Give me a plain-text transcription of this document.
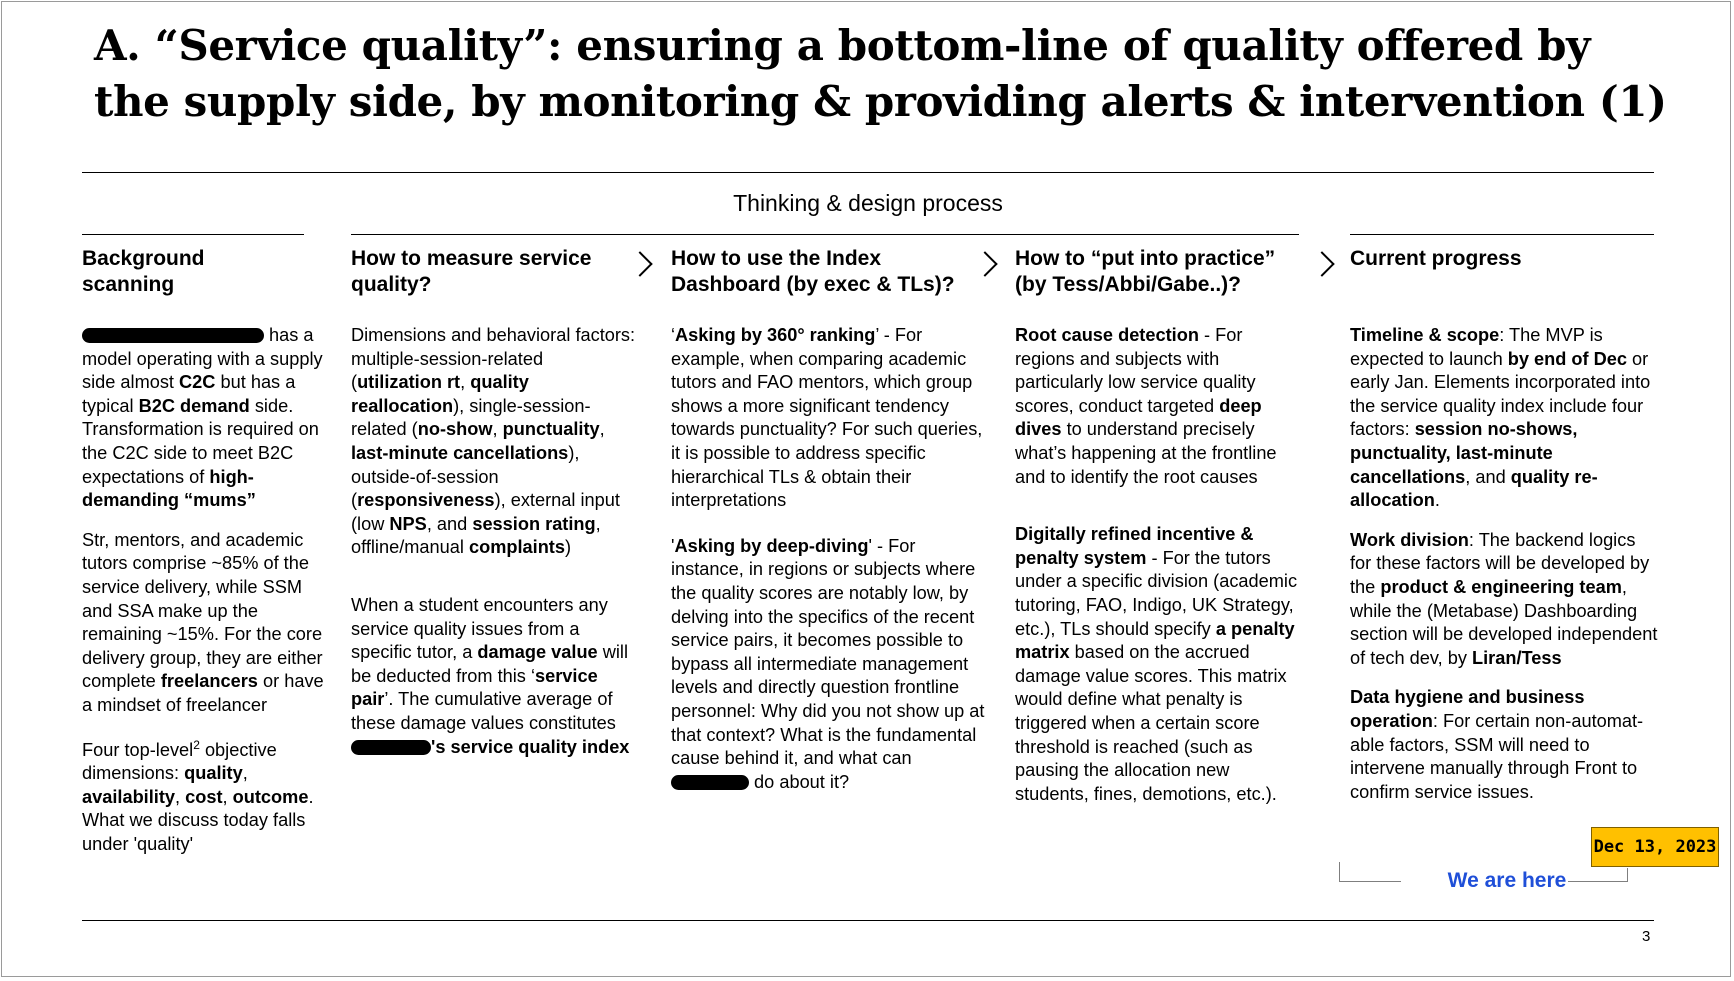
A. “Service quality”: ensuring a bottom-line of quality offered by
the supply side, by monitoring & providing alerts & intervention (1)
Thinking & design process
Background
scanning

has a model operating with a supply side almost C2C but has a typical B2C demand side. Transformation is required on the C2C side to meet B2C expectations of high-demanding “mums”

Str, mentors, and academic tutors comprise ~85% of the service delivery, while SSM and SSA make up the remaining ~15%. For the core delivery group, they are either complete freelancers or have a mindset of freelancer

Four top-level$^2$ objective dimensions: quality, availability, cost, outcome. What we discuss today falls under 'quality'

How to measure service
quality?

Dimensions and behavioral factors: multiple-session-related (utilization rt, quality reallocation), single-session-related (no-show, punctuality, last-minute cancellations), outside-of-session (responsiveness), external input (low NPS, and session rating, offline/manual complaints)

When a student encounters any service quality issues from a specific tutor, a damage value will be deducted from this ‘service pair’. The cumulative average of these damage values constitutes 's service quality index

How to use the Index
Dashboard (by exec & TLs)?

‘Asking by 360° ranking’ - For example, when comparing academic tutors and FAO mentors, which group shows a more significant tendency towards punctuality? For such queries, it is possible to address specific hierarchical TLs & obtain their interpretations

'Asking by deep-diving' - For instance, in regions or subjects where the quality scores are notably low, by delving into the specifics of the recent service pairs, it becomes possible to bypass all intermediate management levels and directly question frontline personnel: Why did you not show up at that context? What is the fundamental cause behind it, and what can  do about it?

How to “put into practice”
(by Tess/Abbi/Gabe..)?

Root cause detection - For regions and subjects with particularly low service quality scores, conduct targeted deep dives to understand precisely what’s happening at the frontline and to identify the root causes

Digitally refined incentive & penalty system - For the tutors under a specific division (academic tutoring, FAO, Indigo, UK Strategy, etc.), TLs should specify a penalty matrix based on the accrued damage value scores. This matrix would define what penalty is triggered when a certain score threshold is reached (such as pausing the allocation new students, fines, demotions, etc.).

Current progress

Timeline & scope: The MVP is expected to launch by end of Dec or early Jan. Elements incorporated into the service quality index include four factors: session no-shows, punctuality, last-minute cancellations, and quality re-allocation.

Work division: The backend logics for these factors will be developed by the product & engineering team, while the (Metabase) Dashboarding section will be developed independent of tech dev, by Liran/Tess

Data hygiene and business operation: For certain non-automat-able factors, SSM will need to intervene manually through Front to confirm service issues.

Dec 13, 2023
We are here
3
